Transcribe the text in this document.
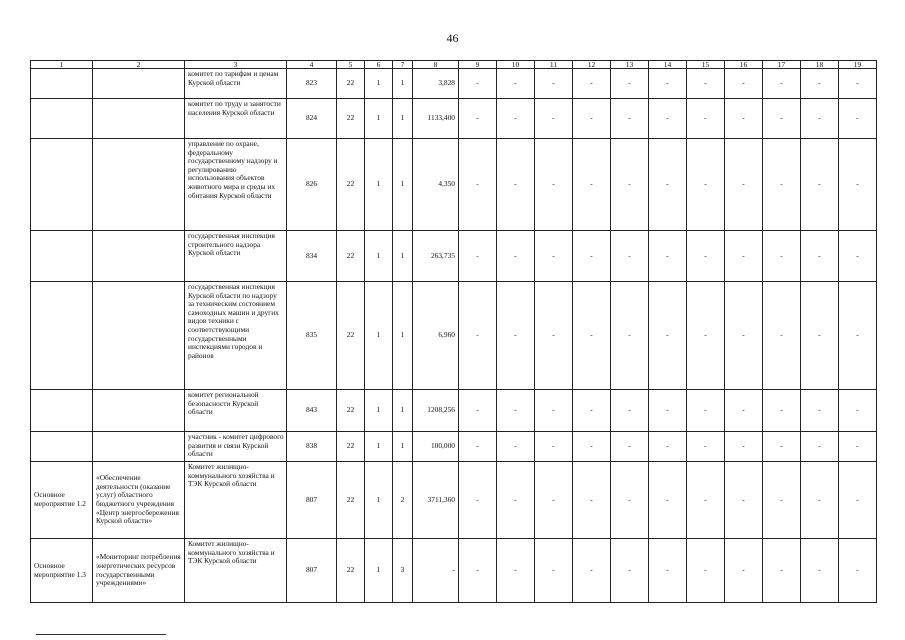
46
1	2	3	4	5	6	7	8	9	10	11	12	13	14	15	16	17	18	19
		комитет по тарифам и ценам Курской области	823	22	1	1	3,828	-	-	-	-	-	-	-	-	-	-	-
		комитет по труду и занятости населения Курской области	824	22	1	1	1133,400	-	-	-	-	-	-	-	-	-	-	-
		управление по охране, федеральному государственному надзору и регулированию использования объектов животного мира и среды их обитания Курской области	826	22	1	1	4,350	-	-	-	-	-	-	-	-	-	-	-
		государственная инспекция строительного надзора Курской области	834	22	1	1	263,735	-	-	-	-	-	-	-	-	-	-	-
		государственная инспекция Курской области по надзору за техническим состоянием самоходных машин и других видов техники с соответствующими государственными инспекциями городов и районов	835	22	1	1	6,960	-	-	-	-	-	-	-	-	-	-	-
		комитет региональной безопасности Курской области	843	22	1	1	1208,256	-	-	-	-	-	-	-	-	-	-	-
		участник - комитет цифрового развития и связи Курской области	838	22	1	1	100,000	-	-	-	-	-	-	-	-	-	-	-
Основное мероприятие 1.2	«Обеспечение деятельности (оказание услуг) областного бюджетного учреждения «Центр энергосбережения Курской области»	Комитет жилищно-коммунального хозяйства и ТЭК Курской области	807	22	1	2	3711,360	-	-	-	-	-	-	-	-	-	-	-
Основное мероприятие 1.3	«Мониторинг потребления энергетических ресурсов государственными учреждениями»	Комитет жилищно-коммунального хозяйства и ТЭК Курской области	807	22	1	3	-	-	-	-	-	-	-	-	-	-	-	-
